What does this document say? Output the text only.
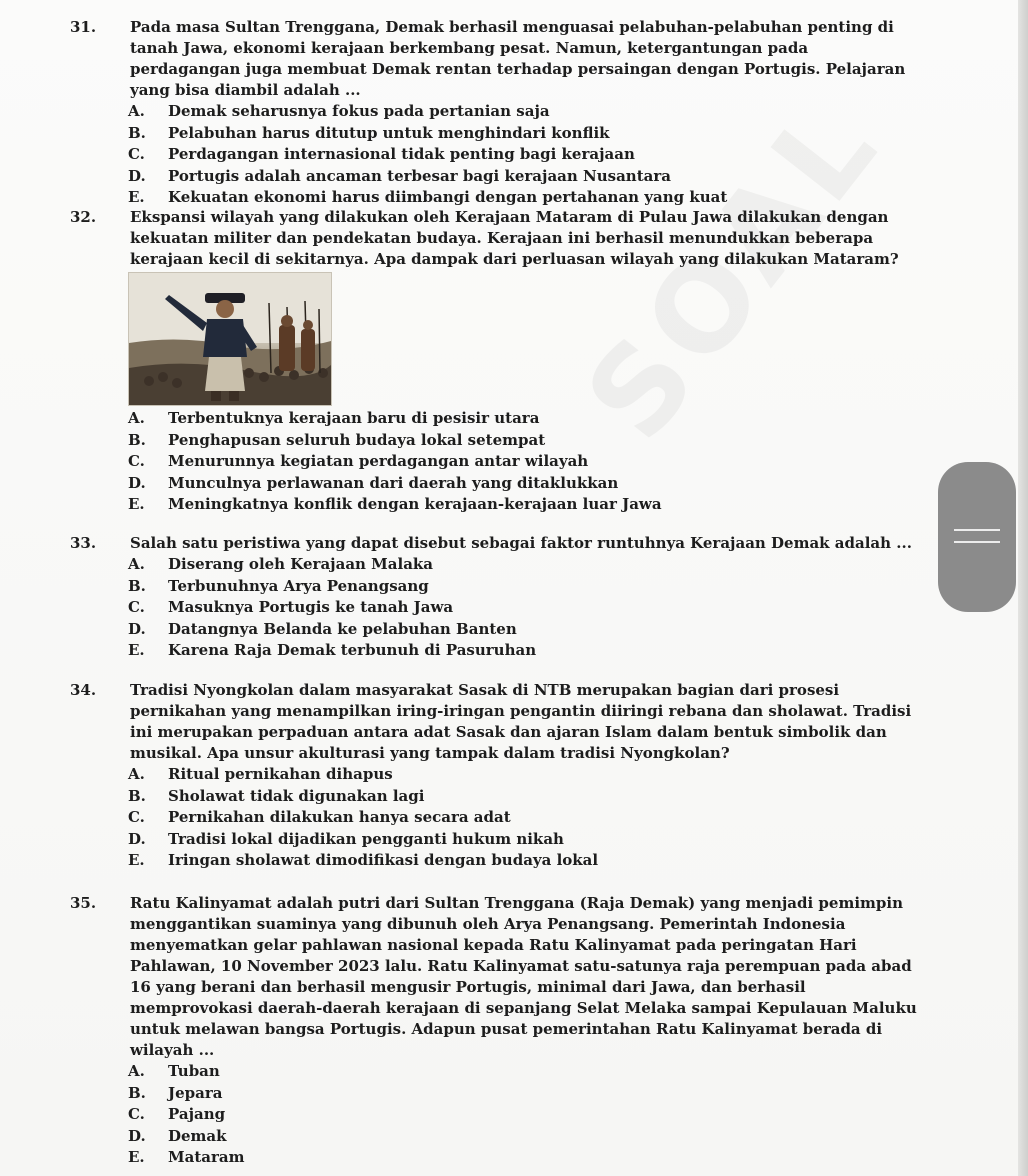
31. Pada masa Sultan Trenggana, Demak berhasil menguasai pelabuhan-pelabuhan penting di tanah Jawa, ekonomi kerajaan berkembang pesat. Namun, ketergantungan pada perdagangan juga membuat Demak rentan terhadap persaingan dengan Portugis. Pelajaran yang bisa diambil adalah ...

A. Demak seharusnya fokus pada pertanian saja
B. Pelabuhan harus ditutup untuk menghindari konflik
C. Perdagangan internasional tidak penting bagi kerajaan
D. Portugis adalah ancaman terbesar bagi kerajaan Nusantara
E. Kekuatan ekonomi harus diimbangi dengan pertahanan yang kuat

32. Ekspansi wilayah yang dilakukan oleh Kerajaan Mataram di Pulau Jawa dilakukan dengan kekuatan militer dan pendekatan budaya. Kerajaan ini berhasil menundukkan beberapa kerajaan kecil di sekitarnya. Apa dampak dari perluasan wilayah yang dilakukan Mataram?

A. Terbentuknya kerajaan baru di pesisir utara
B. Penghapusan seluruh budaya lokal setempat
C. Menurunnya kegiatan perdagangan antar wilayah
D. Munculnya perlawanan dari daerah yang ditaklukkan
E. Meningkatnya konflik dengan kerajaan-kerajaan luar Jawa

33. Salah satu peristiwa yang dapat disebut sebagai faktor runtuhnya Kerajaan Demak adalah ...

A. Diserang oleh Kerajaan Malaka
B. Terbunuhnya Arya Penangsang
C. Masuknya Portugis ke tanah Jawa
D. Datangnya Belanda ke pelabuhan Banten
E. Karena Raja Demak terbunuh di Pasuruhan

34. Tradisi Nyongkolan dalam masyarakat Sasak di NTB merupakan bagian dari prosesi pernikahan yang menampilkan iring-iringan pengantin diiringi rebana dan sholawat. Tradisi ini merupakan perpaduan antara adat Sasak dan ajaran Islam dalam bentuk simbolik dan musikal. Apa unsur akulturasi yang tampak dalam tradisi Nyongkolan?

A. Ritual pernikahan dihapus
B. Sholawat tidak digunakan lagi
C. Pernikahan dilakukan hanya secara adat
D. Tradisi lokal dijadikan pengganti hukum nikah
E. Iringan sholawat dimodifikasi dengan budaya lokal

35. Ratu Kalinyamat adalah putri dari Sultan Trenggana (Raja Demak) yang menjadi pemimpin menggantikan suaminya yang dibunuh oleh Arya Penangsang. Pemerintah Indonesia menyematkan gelar pahlawan nasional kepada Ratu Kalinyamat pada peringatan Hari Pahlawan, 10 November 2023 lalu. Ratu Kalinyamat satu-satunya raja perempuan pada abad 16 yang berani dan berhasil mengusir Portugis, minimal dari Jawa, dan berhasil memprovokasi daerah-daerah kerajaan di sepanjang Selat Melaka sampai Kepulauan Maluku untuk melawan bangsa Portugis. Adapun pusat pemerintahan Ratu Kalinyamat berada di wilayah ...

A. Tuban
B. Jepara
C. Pajang
D. Demak
E. Mataram
